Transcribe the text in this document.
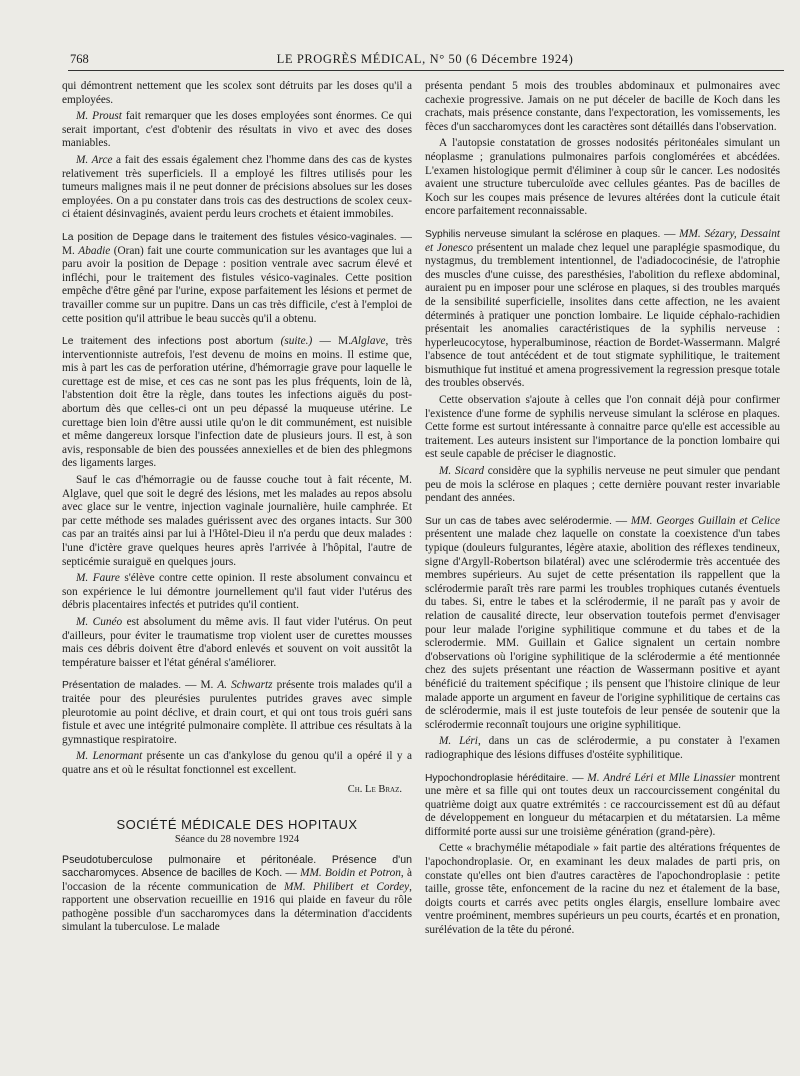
768	LE PROGRÈS MÉDICAL, N° 50 (6 Décembre 1924)

qui démontrent nettement que les scolex sont détruits par les doses qu'il a employées.

M. Proust fait remarquer que les doses employées sont énormes. Ce qui serait important, c'est d'obtenir des résultats in vivo et avec des doses maniables.

M. Arce a fait des essais également chez l'homme dans des cas de kystes relativement très superficiels. Il a employé les filtres utilisés pour les tumeurs malignes mais il ne peut donner de précisions absolues sur les doses employées. On a pu constater dans trois cas des destructions de scolex ceux-ci étaient désinvaginés, avaient perdu leurs crochets et étaient immobiles.

La position de Depage dans le traitement des fistules vésico-vaginales. — M. Abadie (Oran) fait une courte communication sur les avantages que lui a paru avoir la position de Depage : position ventrale avec sacrum élevé et infléchi, pour le traitement des fistules vésico-vaginales. Cette position empêche d'être gêné par l'urine, expose parfaitement les lésions et permet de travailler comme sur un pupitre. Dans un cas très difficile, c'est à l'emploi de cette position qu'il attribue le beau succès qu'il a obtenu.

Le traitement des infections post abortum (suite.) — M.Alglave, très interventionniste autrefois, l'est devenu de moins en moins. Il estime que, mis à part les cas de perforation utérine, d'hémorragie grave pour laquelle le curettage est de mise, et ces cas ne sont pas les plus fréquents, loin de là, l'abstention doit être la règle, dans toutes les infections aiguës du post-abortum dès que celles-ci ont un peu dépassé la muqueuse utérine. Le curettage bien loin d'être aussi utile qu'on le dit communément, est nuisible et même dangereux lorsque l'infection date de plusieurs jours. Il est, à son avis, responsable de bien des poussées annexielles et de bien des phlegmons des ligaments larges.

Sauf le cas d'hémorragie ou de fausse couche tout à fait récente, M. Alglave, quel que soit le degré des lésions, met les malades au repos absolu avec glace sur le ventre, injection vaginale journalière, huile camphrée. Et par cette méthode ses malades guérissent avec des organes intacts. Sur 300 cas par an traités ainsi par lui à l'Hôtel-Dieu il n'a perdu que deux malades : l'une d'ictère grave quelques heures après l'arrivée à l'hôpital, l'autre de septicémie suraiguë en quelques jours.

M. Faure s'élève contre cette opinion. Il reste absolument convaincu et son expérience le lui démontre journellement qu'il faut vider l'utérus des débris placentaires infectés et putrides qu'il contient.

M. Cunéo est absolument du même avis. Il faut vider l'utérus. On peut d'ailleurs, pour éviter le traumatisme trop violent user de curettes mousses mais ces débris doivent être d'abord enlevés et souvent on voit aussitôt la température baisser et l'état général s'améliorer.

Présentation de malades. — M. A. Schwartz présente trois malades qu'il a traitée pour des pleurésies purulentes putrides graves avec simple pleurotomie au point déclive, et drain court, et qui ont tous trois guéri sans fistule et avec une intégrité pulmonaire complète. Il attribue ces résultats à la gymnastique respiratoire.

M. Lenormant présente un cas d'ankylose du genou qu'il a opéré il y a quatre ans et où le résultat fonctionnel est excellent.

Ch. Le Braz.
SOCIÉTÉ MÉDICALE DES HOPITAUX
Séance du 28 novembre 1924

Pseudotuberculose pulmonaire et péritonéale. Présence d'un saccharomyces. Absence de bacilles de Koch. — MM. Boidin et Potron, à l'occasion de la récente communication de MM. Philibert et Cordey, rapportent une observation recueillie en 1916 qui plaide en faveur du rôle pathogène possible d'un saccharomyces dans la détermination d'accidents simulant la tuberculose. Le malade

présenta pendant 5 mois des troubles abdominaux et pulmonaires avec cachexie progressive. Jamais on ne put déceler de bacille de Koch dans les crachats, mais présence constante, dans l'expectoration, les vomissements, les fèces d'un saccharomyces dont les caractères sont détaillés dans l'observation.

A l'autopsie constatation de grosses nodosités péritonéales simulant un néoplasme ; granulations pulmonaires parfois conglomérées et abcédées. L'examen histologique permit d'éliminer à coup sûr le cancer. Les nodosités avaient une structure tuberculoïde avec cellules géantes. Pas de bacilles de Koch sur les coupes mais présence de levures altérées dont la cuticule était encore parfaitement reconnaissable.

Syphilis nerveuse simulant la sclérose en plaques. — MM. Sézary, Dessaint et Jonesco présentent un malade chez lequel une paraplégie spasmodique, du nystagmus, du tremblement intentionnel, de l'adiadococinésie, de l'atrophie des muscles d'une cuisse, des paresthésies, l'abolition du reflexe abdominal, auraient pu en imposer pour une sclérose en plaques, si des troubles marqués de la sensibilité superficielle, insolites dans cette affection, ne les avaient déterminés à pratiquer une ponction lombaire. Le liquide céphalo-rachidien présentait les anomalies caractéristiques de la syphilis nerveuse : hyperleucocytose, hyperalbuminose, réaction de Bordet-Wassermann. Malgré l'absence de tout antécédent et de tout stigmate syphilitique, le traitement bismuthique fut institué et amena progressivement la regression presque totale des troubles observés.

Cette observation s'ajoute à celles que l'on connait déjà pour confirmer l'existence d'une forme de syphilis nerveuse simulant la sclérose en plaques. Cette forme est surtout intéressante à connaitre parce qu'elle est accessible au traitement. Les auteurs insistent sur l'importance de la ponction lombaire qui est seule capable de préciser le diagnostic.

M. Sicard considère que la syphilis nerveuse ne peut simuler que pendant peu de mois la sclérose en plaques ; cette dernière pouvant rester invariable pendant des années.

Sur un cas de tabes avec selérodermie. — MM. Georges Guillain et Celice présentent une malade chez laquelle on constate la coexistence d'un tabes typique (douleurs fulgurantes, légère ataxie, abolition des réflexes tendineux, signe d'Argyll-Robertson bilatéral) avec une sclérodermie très accentuée des membres supérieurs. Au sujet de cette présentation ils rappellent que la sclérodermie paraît très rare parmi les troubles trophiques cutanés éventuels du tabes. Si, entre le tabes et la sclérodermie, il ne paraît pas y avoir de relation de causalité directe, leur observation toutefois permet d'envisager pour leur malade l'origine syphilitique commune et du tabes et de la sclerodermie. MM. Guillain et Galice signalent un certain nombre d'observations où l'origine syphilitique de la sclérodermie a été mentionnée chez des sujets présentant une réaction de Wassermann positive et ayant bénéficié du traitement spécifique ; ils pensent que l'histoire clinique de leur malade apporte un argument en faveur de l'origine syphilitique de certains cas de sclérodermie, mais il est juste toutefois de leur pensée de soutenir que la sclérodermie reconnaît toujours une origine syphilitique.

M. Léri, dans un cas de sclérodermie, a pu constater à l'examen radiographique des lésions diffuses d'ostéite syphilitique.

Hypochondroplasie héréditaire. — M. André Léri et Mlle Linassier montrent une mère et sa fille qui ont toutes deux un raccourcissement congénital du quatrième doigt aux quatre extrémités : ce raccourcissement est dû au défaut de développement en longueur du métacarpien et du métatarsien. La même difformité porte aussi sur une troisième génération (grand-père).

Cette « brachymélie métapodiale » fait partie des altérations fréquentes de l'apochondroplasie. Or, en examinant les deux malades de parti pris, on constate qu'elles ont bien d'autres caractères de l'apochondroplasie : petite taille, grosse tête, enfoncement de la racine du nez et étalement de la base, doigts courts et carrés avec petits ongles élargis, ensellure lombaire avec ventre proéminent, membres supérieurs un peu courts, écartés et en pronation, surélévation de la tête du péroné.
